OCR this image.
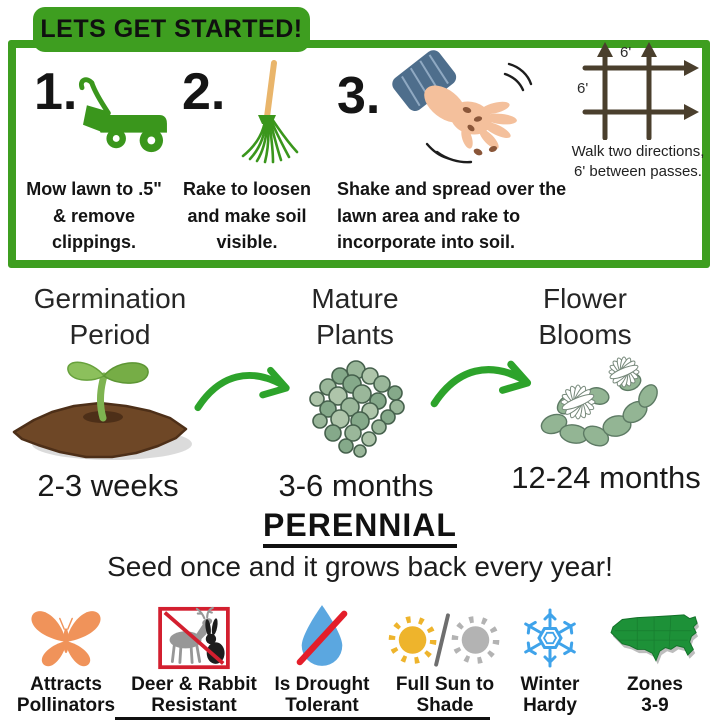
LETS GET STARTED!
1. 2. 3.
6'
6'
Walk two directions, 6' between passes.
Mow lawn to .5" & remove clippings.
Rake to loosen and make soil visible.
Shake and spread over the lawn area and rake to incorporate into soil.
Germination Period
Mature Plants
Flower Blooms
2-3 weeks	3-6 months	12-24 months
PERENNIAL
Seed once and it grows back every year!
Attracts Pollinators
Deer & Rabbit Resistant
Is Drought Tolerant
Full Sun to Shade
Winter Hardy
Zones 3-9
